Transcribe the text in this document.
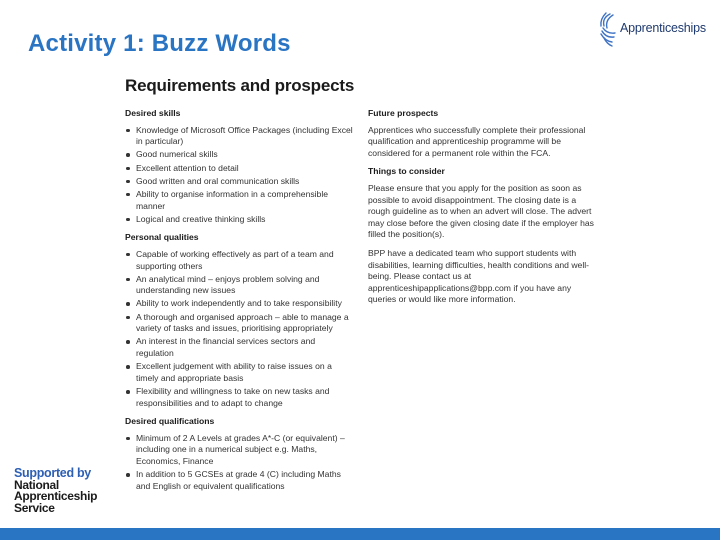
Activity 1: Buzz Words
Apprenticeships
Requirements and prospects
Desired skills
Knowledge of Microsoft Office Packages (including Excel in particular)
Good numerical skills
Excellent attention to detail
Good written and oral communication skills
Ability to organise information in a comprehensible manner
Logical and creative thinking skills
Personal qualities
Capable of working effectively as part of a team and supporting others
An analytical mind – enjoys problem solving and understanding new issues
Ability to work independently and to take responsibility
A thorough and organised approach – able to manage a variety of tasks and issues, prioritising appropriately
An interest in the financial services sectors and regulation
Excellent judgement with ability to raise issues on a timely and appropriate basis
Flexibility and willingness to take on new tasks and responsibilities and to adapt to change
Desired qualifications
Minimum of 2 A Levels at grades A*-C (or equivalent) – including one in a numerical subject e.g. Maths, Economics, Finance
In addition to 5 GCSEs at grade 4 (C) including Maths and English or equivalent qualifications
Future prospects
Apprentices who successfully complete their professional qualification and apprenticeship programme will be considered for a permanent role within the FCA.
Things to consider
Please ensure that you apply for the position as soon as possible to avoid disappointment. The closing date is a rough guideline as to when an advert will close. The advert may close before the given closing date if the employer has filled the position(s).
BPP have a dedicated team who support students with disabilities, learning difficulties, health conditions and well-being. Please contact us at apprenticeshipapplications@bpp.com if you have any queries or would like more information.
Supported by
National
Apprenticeship
Service
